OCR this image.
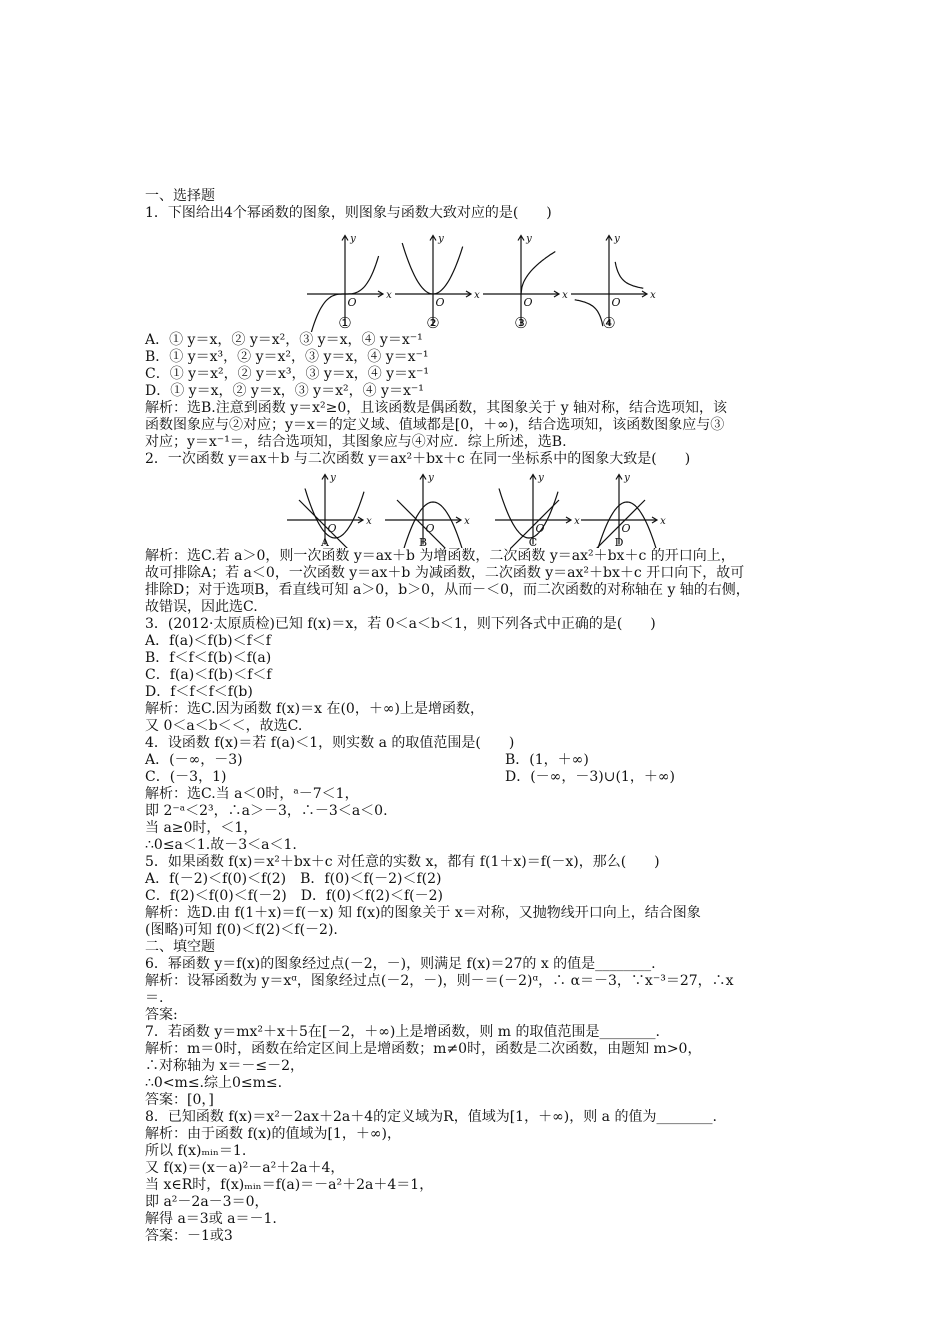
一、选择题
1．下图给出4个幂函数的图象，则图象与函数大致对应的是(　　)
x
y
O
①
x
y
O
②
x
y
O
③
x
y
O
④
A．① y＝x，② y＝x²，③ y＝x，④ y＝x⁻¹
B．① y＝x³，② y＝x²，③ y＝x，④ y＝x⁻¹
C．① y＝x²，② y＝x³，③ y＝x，④ y＝x⁻¹
D．① y＝x，② y＝x，③ y＝x²，④ y＝x⁻¹
解析：选B.注意到函数 y＝x²≥0，且该函数是偶函数，其图象关于 y 轴对称，结合选项知，该
函数图象应与②对应；y＝x＝的定义域、值域都是[0，＋∞)，结合选项知，该函数图象应与③
对应；y＝x⁻¹＝，结合选项知，其图象应与④对应．综上所述，选B.
2．一次函数 y＝ax＋b 与二次函数 y＝ax²＋bx＋c 在同一坐标系中的图象大致是(　　)
x
y
O
A
x
y
O
B
x
y
O
C
x
y
O
D
解析：选C.若 a＞0，则一次函数 y＝ax＋b 为增函数，二次函数 y＝ax²＋bx＋c 的开口向上，
故可排除A；若 a＜0，一次函数 y＝ax＋b 为减函数，二次函数 y＝ax²＋bx＋c 开口向下，故可
排除D；对于选项B，看直线可知 a＞0，b＞0，从而－＜0，而二次函数的对称轴在 y 轴的右侧，
故错误，因此选C.
3．(2012·太原质检)已知 f(x)＝x，若 0＜a＜b＜1，则下列各式中正确的是(　　)
A．f(a)＜f(b)＜f＜f
B．f＜f＜f(b)＜f(a)
C．f(a)＜f(b)＜f＜f
D．f＜f＜f＜f(b)
解析：选C.因为函数 f(x)＝x 在(0，＋∞)上是增函数，
又 0＜a＜b＜＜，故选C.
4．设函数 f(x)＝若 f(a)＜1，则实数 a 的取值范围是(　　)
A．(－∞，－3)	B．(1，＋∞)
C．(－3，1)	D．(－∞，－3)∪(1，＋∞)
解析：选C.当 a＜0时，ᵃ－7＜1，
即 2⁻ᵃ＜2³，∴a＞－3，∴－3＜a＜0.
当 a≥0时，＜1，
∴0≤a＜1.故－3＜a＜1.
5．如果函数 f(x)＝x²＋bx＋c 对任意的实数 x，都有 f(1＋x)＝f(－x)，那么(　　)
A．f(－2)＜f(0)＜f(2)　B．f(0)＜f(－2)＜f(2)
C．f(2)＜f(0)＜f(－2)　D．f(0)＜f(2)＜f(－2)
解析：选D.由 f(1＋x)＝f(－x) 知 f(x)的图象关于 x＝对称，又抛物线开口向上，结合图象
(图略)可知 f(0)＜f(2)＜f(－2).
二、填空题
6．幂函数 y＝f(x)的图象经过点(－2，－)，则满足 f(x)＝27的 x 的值是________.
解析：设幂函数为 y＝xᵅ，图象经过点(－2，－)，则－＝(－2)ᵅ，∴ α＝－3，∵x⁻³＝27，∴x
＝.
答案:
7．若函数 y＝mx²＋x＋5在[－2，＋∞)上是增函数，则 m 的取值范围是________.
解析：m＝0时，函数在给定区间上是增函数；m≠0时，函数是二次函数，由题知 m>0，
∴对称轴为 x＝－≤－2，
∴0<m≤.综上0≤m≤.
答案：[0，]
8．已知函数 f(x)＝x²－2ax＋2a＋4的定义域为R，值域为[1，＋∞)，则 a 的值为________.
解析：由于函数 f(x)的值域为[1，＋∞)，
所以 f(x)ₘᵢₙ＝1.
又 f(x)＝(x－a)²－a²＋2a＋4，
当 x∈R时，f(x)ₘᵢₙ＝f(a)＝－a²＋2a＋4＝1，
即 a²－2a－3＝0，
解得 a＝3或 a＝－1.
答案：－1或3
